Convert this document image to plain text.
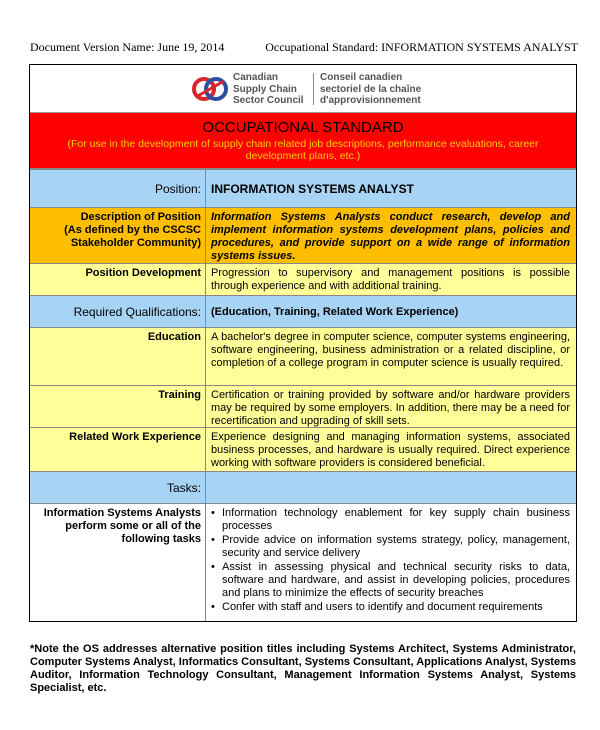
Document Version Name: June 19, 2014	Occupational Standard: INFORMATION SYSTEMS ANALYST
Canadian
Supply Chain
Sector Council
Conseil canadien
sectoriel de la chaîne
d'approvisionnement
OCCUPATIONAL STANDARD
(For use in the development of supply chain related job descriptions, performance evaluations, career development plans, etc.)
Position: INFORMATION SYSTEMS ANALYST
Description of Position
(As defined by the CSCSC
Stakeholder Community)
Information Systems Analysts conduct research, develop and implement information systems development plans, policies and procedures, and provide support on a wide range of information systems issues.
Position Development Progression to supervisory and management positions is possible through experience and with additional training.
Required Qualifications: (Education, Training, Related Work Experience)
Education A bachelor's degree in computer science, computer systems engineering, software engineering, business administration or a related discipline, or completion of a college program in computer science is usually required.
Training Certification or training provided by software and/or hardware providers may be required by some employers. In addition, there may be a need for recertification and upgrading of skill sets.
Related Work Experience Experience designing and managing information systems, associated business processes, and hardware is usually required. Direct experience working with software providers is considered beneficial.
Tasks:
Information Systems Analysts
perform some or all of the
following tasks
• Information technology enablement for key supply chain business processes
• Provide advice on information systems strategy, policy, management, security and service delivery
• Assist in assessing physical and technical security risks to data, software and hardware, and assist in developing policies, procedures and plans to minimize the effects of security breaches
• Confer with staff and users to identify and document requirements
*Note the OS addresses alternative position titles including Systems Architect, Systems Administrator, Computer Systems Analyst, Informatics Consultant, Systems Consultant, Applications Analyst, Systems Auditor, Information Technology Consultant, Management Information Systems Analyst, Systems Specialist, etc.
